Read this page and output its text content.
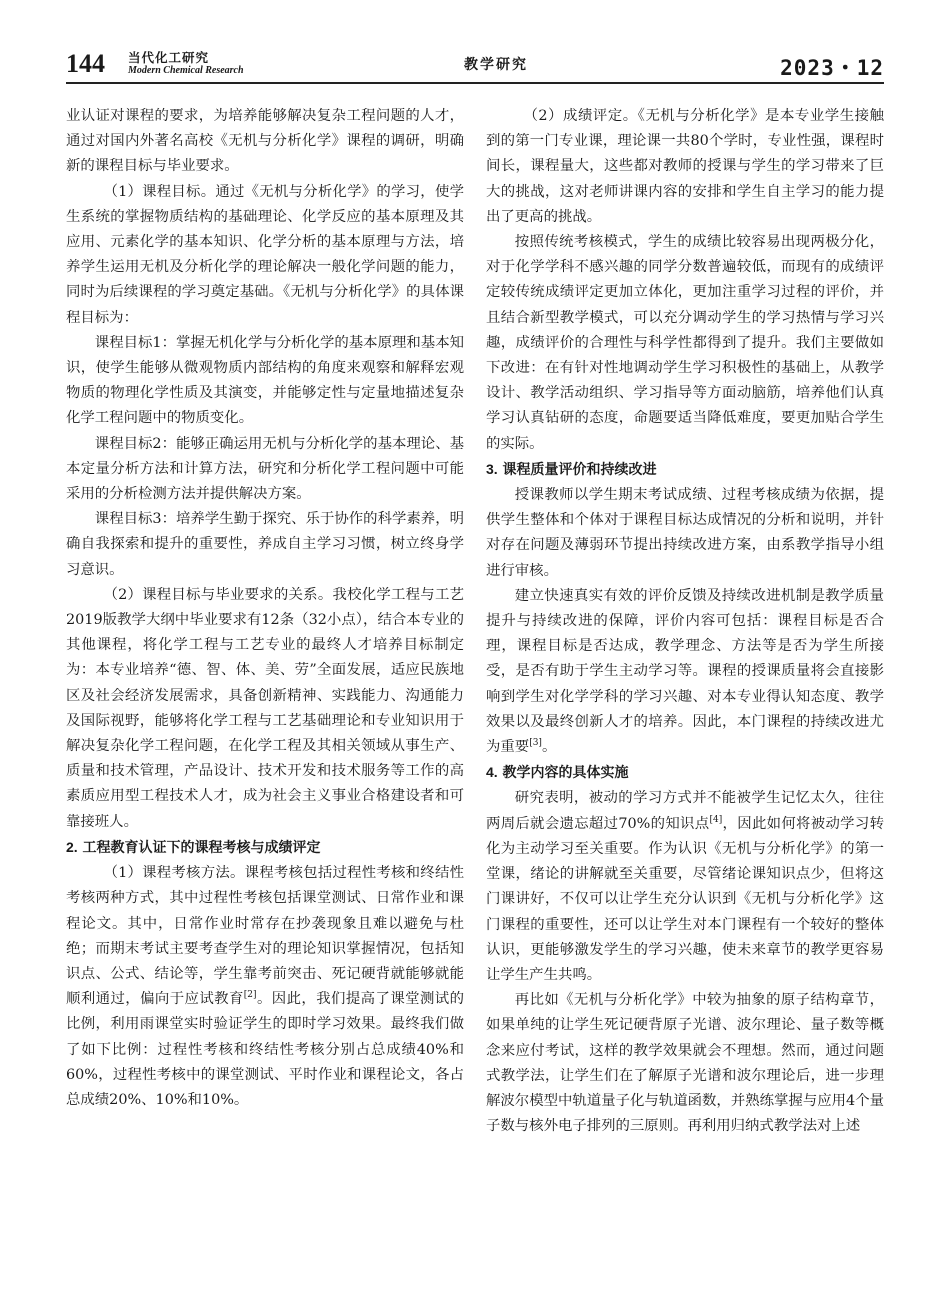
144 当代化工研究
Modern Chemical Research	教学研究	2023・12

业认证对课程的要求，为培养能够解决复杂工程问题的人才，通过对国内外著名高校《无机与分析化学》课程的调研，明确新的课程目标与毕业要求。

（1）课程目标。通过《无机与分析化学》的学习，使学生系统的掌握物质结构的基础理论、化学反应的基本原理及其应用、元素化学的基本知识、化学分析的基本原理与方法，培养学生运用无机及分析化学的理论解决一般化学问题的能力，同时为后续课程的学习奠定基础。《无机与分析化学》的具体课程目标为：

课程目标1：掌握无机化学与分析化学的基本原理和基本知识，使学生能够从微观物质内部结构的角度来观察和解释宏观物质的物理化学性质及其演变，并能够定性与定量地描述复杂化学工程问题中的物质变化。

课程目标2：能够正确运用无机与分析化学的基本理论、基本定量分析方法和计算方法，研究和分析化学工程问题中可能采用的分析检测方法并提供解决方案。

课程目标3：培养学生勤于探究、乐于协作的科学素养，明确自我探索和提升的重要性，养成自主学习习惯，树立终身学习意识。

（2）课程目标与毕业要求的关系。我校化学工程与工艺2019版教学大纲中毕业要求有12条（32小点），结合本专业的其他课程，将化学工程与工艺专业的最终人才培养目标制定为：本专业培养“德、智、体、美、劳”全面发展，适应民族地区及社会经济发展需求，具备创新精神、实践能力、沟通能力及国际视野，能够将化学工程与工艺基础理论和专业知识用于解决复杂化学工程问题，在化学工程及其相关领域从事生产、质量和技术管理，产品设计、技术开发和技术服务等工作的高素质应用型工程技术人才，成为社会主义事业合格建设者和可靠接班人。

2. 工程教育认证下的课程考核与成绩评定

（1）课程考核方法。课程考核包括过程性考核和终结性考核两种方式，其中过程性考核包括课堂测试、日常作业和课程论文。其中，日常作业时常存在抄袭现象且难以避免与杜绝；而期末考试主要考查学生对的理论知识掌握情况，包括知识点、公式、结论等，学生靠考前突击、死记硬背就能够就能顺利通过，偏向于应试教育[2]。因此，我们提高了课堂测试的比例，利用雨课堂实时验证学生的即时学习效果。最终我们做了如下比例：过程性考核和终结性考核分别占总成绩40%和60%，过程性考核中的课堂测试、平时作业和课程论文，各占总成绩20%、10%和10%。

（2）成绩评定。《无机与分析化学》是本专业学生接触到的第一门专业课，理论课一共80个学时，专业性强，课程时间长，课程量大，这些都对教师的授课与学生的学习带来了巨大的挑战，这对老师讲课内容的安排和学生自主学习的能力提出了更高的挑战。

按照传统考核模式，学生的成绩比较容易出现两极分化，对于化学学科不感兴趣的同学分数普遍较低，而现有的成绩评定较传统成绩评定更加立体化，更加注重学习过程的评价，并且结合新型教学模式，可以充分调动学生的学习热情与学习兴趣，成绩评价的合理性与科学性都得到了提升。我们主要做如下改进：在有针对性地调动学生学习积极性的基础上，从教学设计、教学活动组织、学习指导等方面动脑筋，培养他们认真学习认真钻研的态度，命题要适当降低难度，要更加贴合学生的实际。

3. 课程质量评价和持续改进

授课教师以学生期末考试成绩、过程考核成绩为依据，提供学生整体和个体对于课程目标达成情况的分析和说明，并针对存在问题及薄弱环节提出持续改进方案，由系教学指导小组进行审核。

建立快速真实有效的评价反馈及持续改进机制是教学质量提升与持续改进的保障，评价内容可包括：课程目标是否合理，课程目标是否达成，教学理念、方法等是否为学生所接受，是否有助于学生主动学习等。课程的授课质量将会直接影响到学生对化学学科的学习兴趣、对本专业得认知态度、教学效果以及最终创新人才的培养。因此，本门课程的持续改进尤为重要[3]。

4. 教学内容的具体实施

研究表明，被动的学习方式并不能被学生记忆太久，往往两周后就会遗忘超过70%的知识点[4]，因此如何将被动学习转化为主动学习至关重要。作为认识《无机与分析化学》的第一堂课，绪论的讲解就至关重要，尽管绪论课知识点少，但将这门课讲好，不仅可以让学生充分认识到《无机与分析化学》这门课程的重要性，还可以让学生对本门课程有一个较好的整体认识，更能够激发学生的学习兴趣，使未来章节的教学更容易让学生产生共鸣。

再比如《无机与分析化学》中较为抽象的原子结构章节，如果单纯的让学生死记硬背原子光谱、波尔理论、量子数等概念来应付考试，这样的教学效果就会不理想。然而，通过问题式教学法，让学生们在了解原子光谱和波尔理论后，进一步理解波尔模型中轨道量子化与轨道函数，并熟练掌握与应用4个量子数与核外电子排列的三原则。再利用归纳式教学法对上述
